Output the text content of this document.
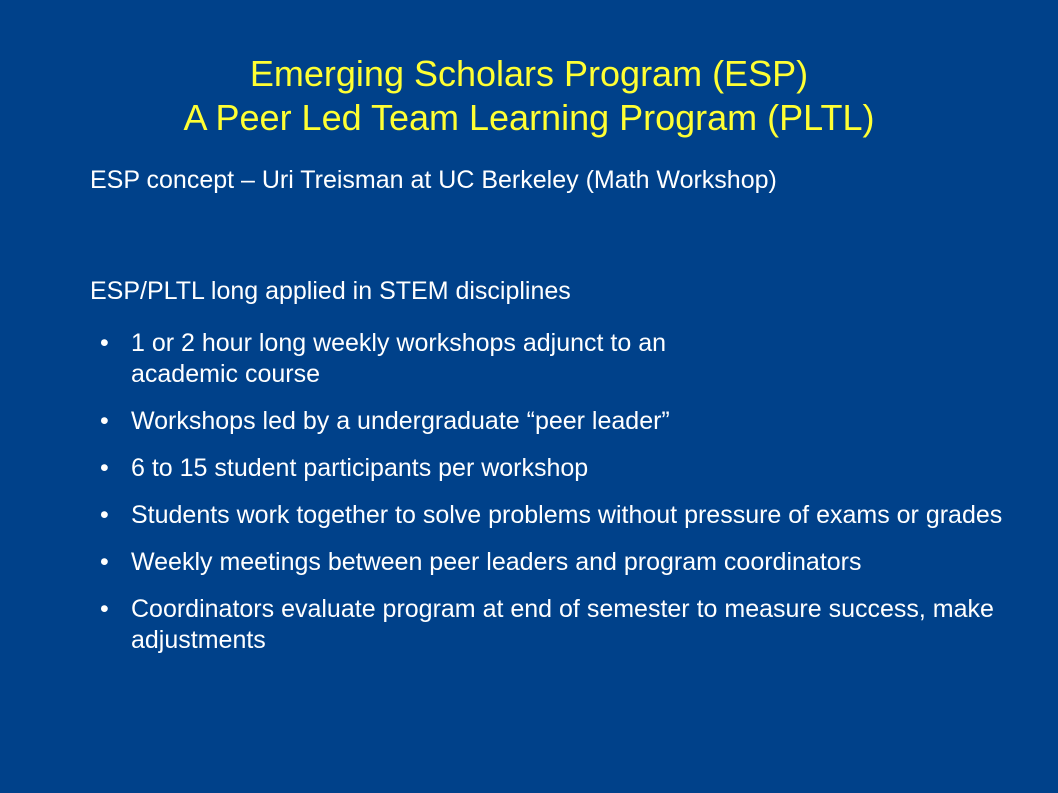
Emerging Scholars Program (ESP)
A Peer Led Team Learning Program (PLTL)
ESP concept – Uri Treisman at UC Berkeley (Math Workshop)
ESP/PLTL long applied in STEM disciplines
• 1 or 2 hour long weekly workshops adjunct to an
academic course
• Workshops led by a undergraduate “peer leader”
• 6 to 15 student participants per workshop
• Students work together to solve problems without pressure of exams or grades
• Weekly meetings between peer leaders and program coordinators
• Coordinators evaluate program at end of semester to measure success, make adjustments
